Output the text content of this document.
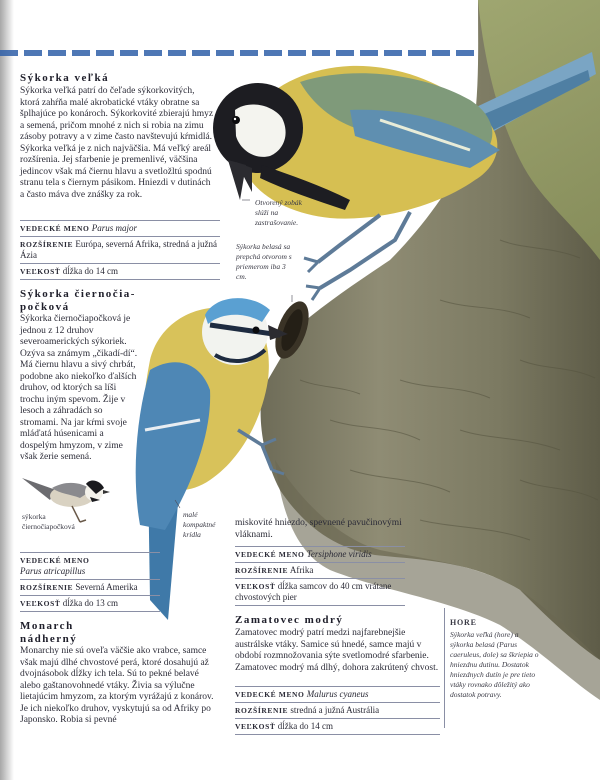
Sýkorka veľká

Sýkorka veľká patrí do čeľade sýkorkovitých, ktorá zahŕňa malé akrobatické vtáky obratne sa šplhajúce po konároch. Sýkorkovité zbierajú hmyz a semená, pričom mnohé z nich si robia na zimu zásoby potravy a v zime často navštevujú kŕmidlá. Sýkorka veľká je z nich najväčšia. Má veľký areál rozšírenia. Jej sfarbenie je premenlivé, väčšina jedincov však má čiernu hlavu a svetložltú spodnú stranu tela s čiernym pásikom. Hniezdi v dutinách a často máva dve znášky za rok.

VEDECKÉ MENO Parus major
ROZŠÍRENIE Európa, severná Afrika, stredná a južná Ázia
VEĽKOSŤ dĺžka do 14 cm

Otvorený zobák slúži na zastrašovanie.

Sýkorka belasá sa prepchá otvorom s priemerom iba 3 cm.

Sýkorka čiernočia-
počková

Sýkorka čiernočiapočková je jednou z 12 druhov severoamerických sýkoriek. Ozýva sa známym „čikadí-dí“. Má čiernu hlavu a sivý chrbát, podobne ako niekoľko ďalších druhov, od ktorých sa líši trochu iným spevom. Žije v lesoch a záhradách so stromami. Na jar kŕmi svoje mláďatá húsenicami a dospelým hmyzom, v zime však žerie semená.

sýkorka čiernočiapočková

malé kompaktné krídla

VEDECKÉ MENO
Parus atricapillus
ROZŠÍRENIE Severná Amerika
VEĽKOSŤ dĺžka do 13 cm
Monarch
nádherný

Monarchy nie sú oveľa väčšie ako vrabce, samce však majú dlhé chvostové perá, ktoré dosahujú až dvojnásobok dĺžky ich tela. Sú to pekné belavé alebo gaštanovohnedé vtáky. Živia sa výlučne lietajúcim hmyzom, za ktorým vyrážajú z konárov. Je ich niekoľko druhov, vyskytujú sa od Afriky po Japonsko. Robia si pevné

miskovité hniezdo, spevnené pavučinovými vláknami.

VEDECKÉ MENO Tersiphone viridis
ROZŠÍRENIE Afrika
VEĽKOSŤ dĺžka samcov do 40 cm vrátane chvostových pier
Zamatovec modrý

Zamatovec modrý patrí medzi najfarebnejšie austrálske vtáky. Samice sú hnedé, samce majú v období rozmnožovania sýte svetlomodré sfarbenie. Zamatovec modrý má dlhý, dohora zakrútený chvost.

VEDECKÉ MENO Malurus cyaneus
ROZŠÍRENIE stredná a južná Austrália
VEĽKOSŤ dĺžka do 14 cm

HORE

Sýkorka veľká (hore) a sýkorka belasá (Parus caeruleus, dole) sa škriepia o hniezdnu dutinu. Dostatok hniezdnych dutín je pre tieto vtáky rovnako dôležitý ako dostatok potravy.
